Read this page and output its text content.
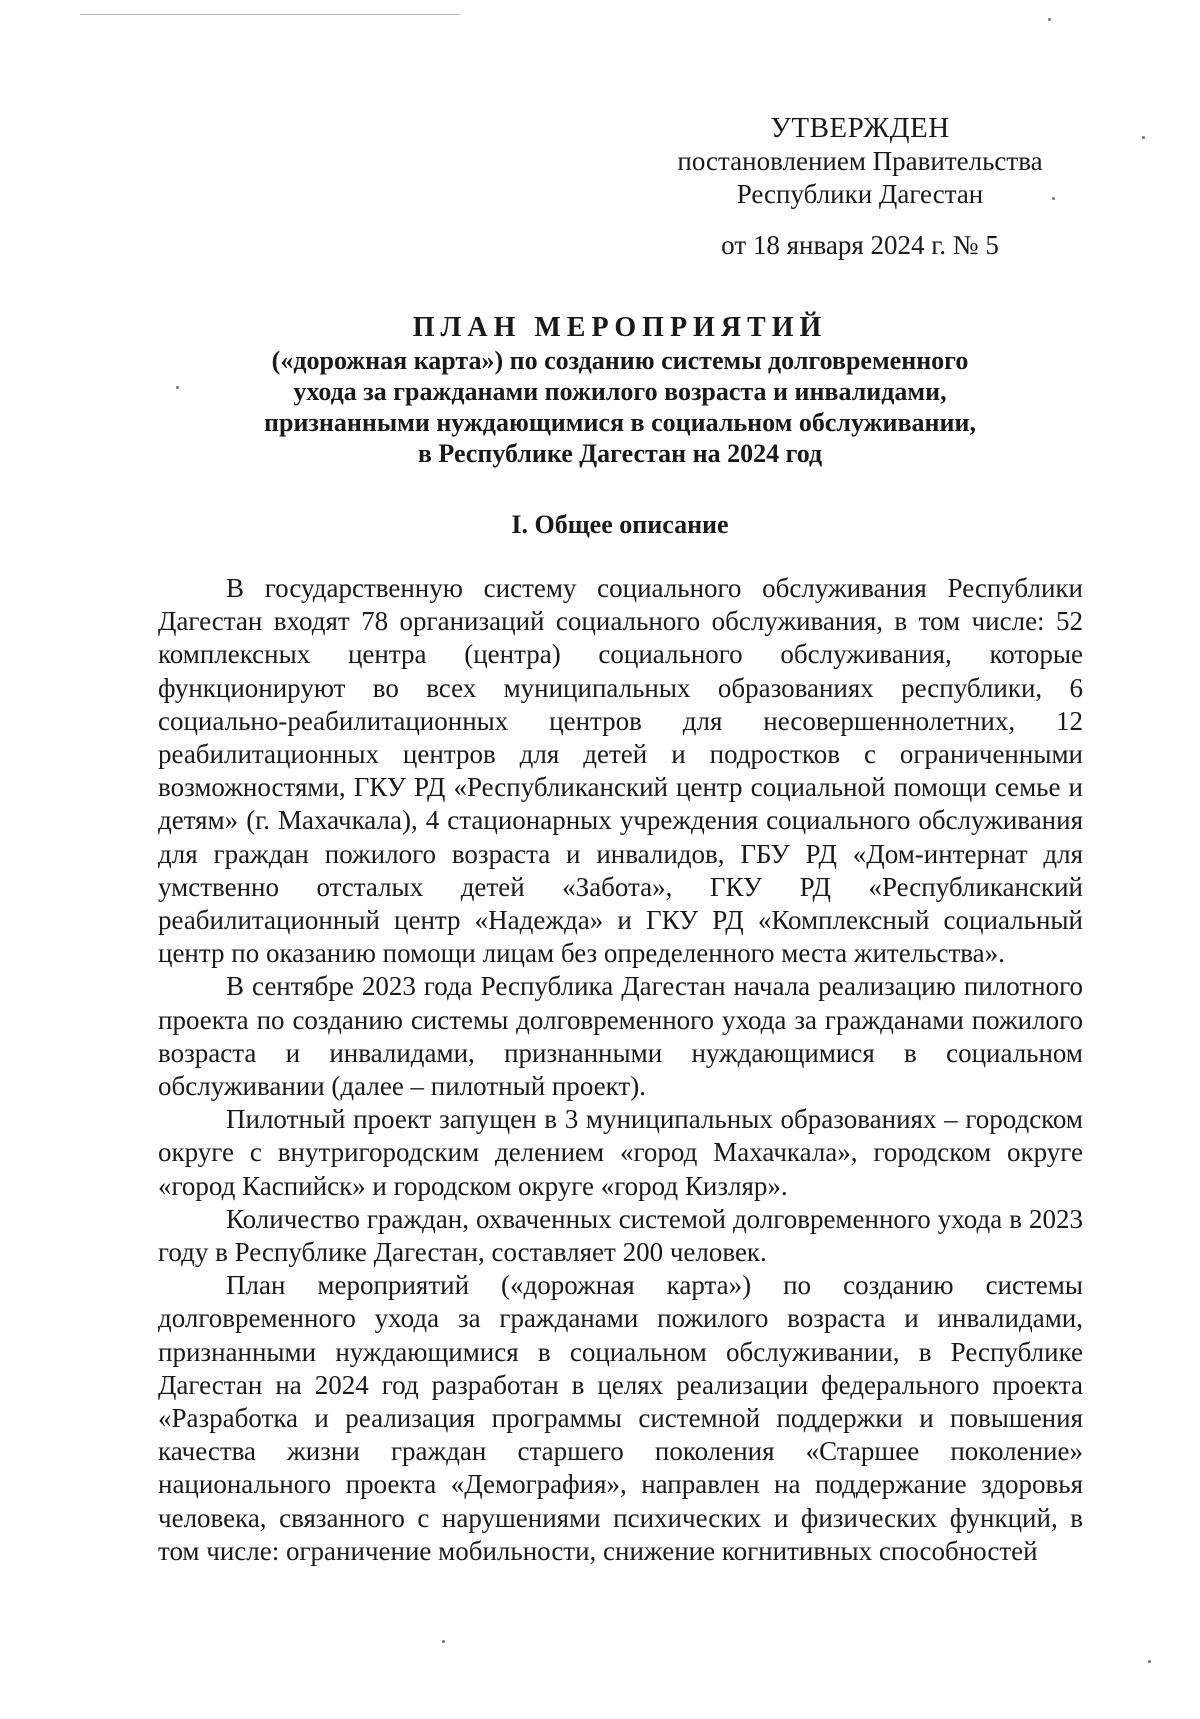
УТВЕРЖДЕН
постановлением Правительства
Республики Дагестан
от 18 января 2024 г. № 5
ПЛАН МЕРОПРИЯТИЙ
(«дорожная карта») по созданию системы долговременного
ухода за гражданами пожилого возраста и инвалидами,
признанными нуждающимися в социальном обслуживании,
в Республике Дагестан на 2024 год
I. Общее описание

В государственную систему социального обслуживания Республики Дагестан входят 78 организаций социального обслуживания, в том числе: 52 комплексных центра (центра) социального обслуживания, которые функционируют во всех муниципальных образованиях республики, 6 социально-реабилитационных центров для несовершеннолетних, 12 реабилитационных центров для детей и подростков с ограниченными возможностями, ГКУ РД «Республиканский центр социальной помощи семье и детям» (г. Махачкала), 4 стационарных учреждения социального обслуживания для граждан пожилого возраста и инвалидов, ГБУ РД «Дом-интернат для умственно отсталых детей «Забота», ГКУ РД «Республиканский реабилитационный центр «Надежда» и ГКУ РД «Комплексный социальный центр по оказанию помощи лицам без определенного места жительства».

В сентябре 2023 года Республика Дагестан начала реализацию пилотного проекта по созданию системы долговременного ухода за гражданами пожилого возраста и инвалидами, признанными нуждающимися в социальном обслуживании (далее – пилотный проект).

Пилотный проект запущен в 3 муниципальных образованиях – городском округе с внутригородским делением «город Махачкала», городском округе «город Каспийск» и городском округе «город Кизляр».

Количество граждан, охваченных системой долговременного ухода в 2023 году в Республике Дагестан, составляет 200 человек.

План мероприятий («дорожная карта») по созданию системы долговременного ухода за гражданами пожилого возраста и инвалидами, признанными нуждающимися в социальном обслуживании, в Республике Дагестан на 2024 год разработан в целях реализации федерального проекта «Разработка и реализация программы системной поддержки и повышения качества жизни граждан старшего поколения «Старшее поколение» национального проекта «Демография», направлен на поддержание здоровья человека, связанного с нарушениями психических и физических функций, в том числе: ограничение мобильности, снижение когнитивных способностей
